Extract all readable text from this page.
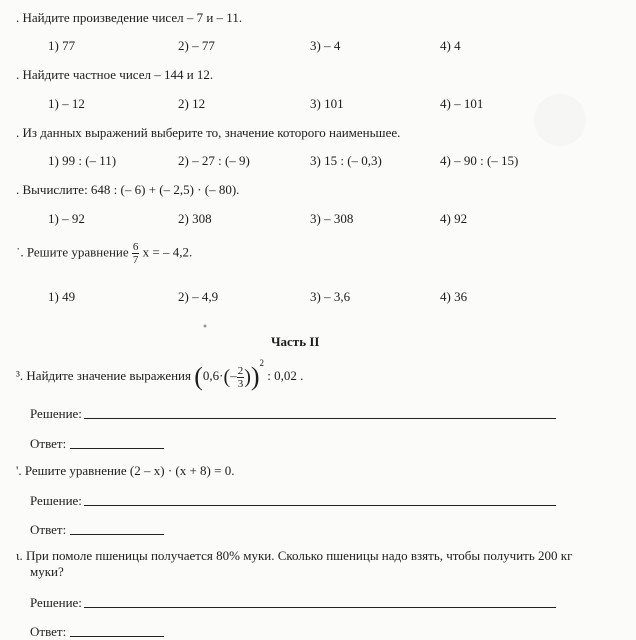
. Найдите произведение чисел – 7 и – 11.
1) 77	2) – 77	3) – 4	4) 4
. Найдите частное чисел – 144 и 12.
1) – 12	2) 12	3) 101	4) – 101
. Из данных выражений выберите то, значение которого наименьшее.
1) 99 : (– 11)	2) – 27 : (– 9)	3) 15 : (– 0,3)	4) – 90 : (– 15)
. Вычислите: 648 : (– 6) + (– 2,5) · (– 80).
1) – 92	2) 308	3) – 308	4) 92
˙. Решите уравнение $\frac{6}{7}$ x = – 4,2.
1) 49	2) – 4,9	3) – 3,6	4) 36
Часть II
³. Найдите значение выражения $(0,6\cdot(- \frac{2}{3} ))^2$ : 0,02 .
Решение:
Ответ:
'. Решите уравнение (2 – x) · (x + 8) = 0.
Решение:
Ответ:
ι. При помоле пшеницы получается 80% муки. Сколько пшеницы надо взять, чтобы получить 200 кг
муки?
Решение:
Ответ:
